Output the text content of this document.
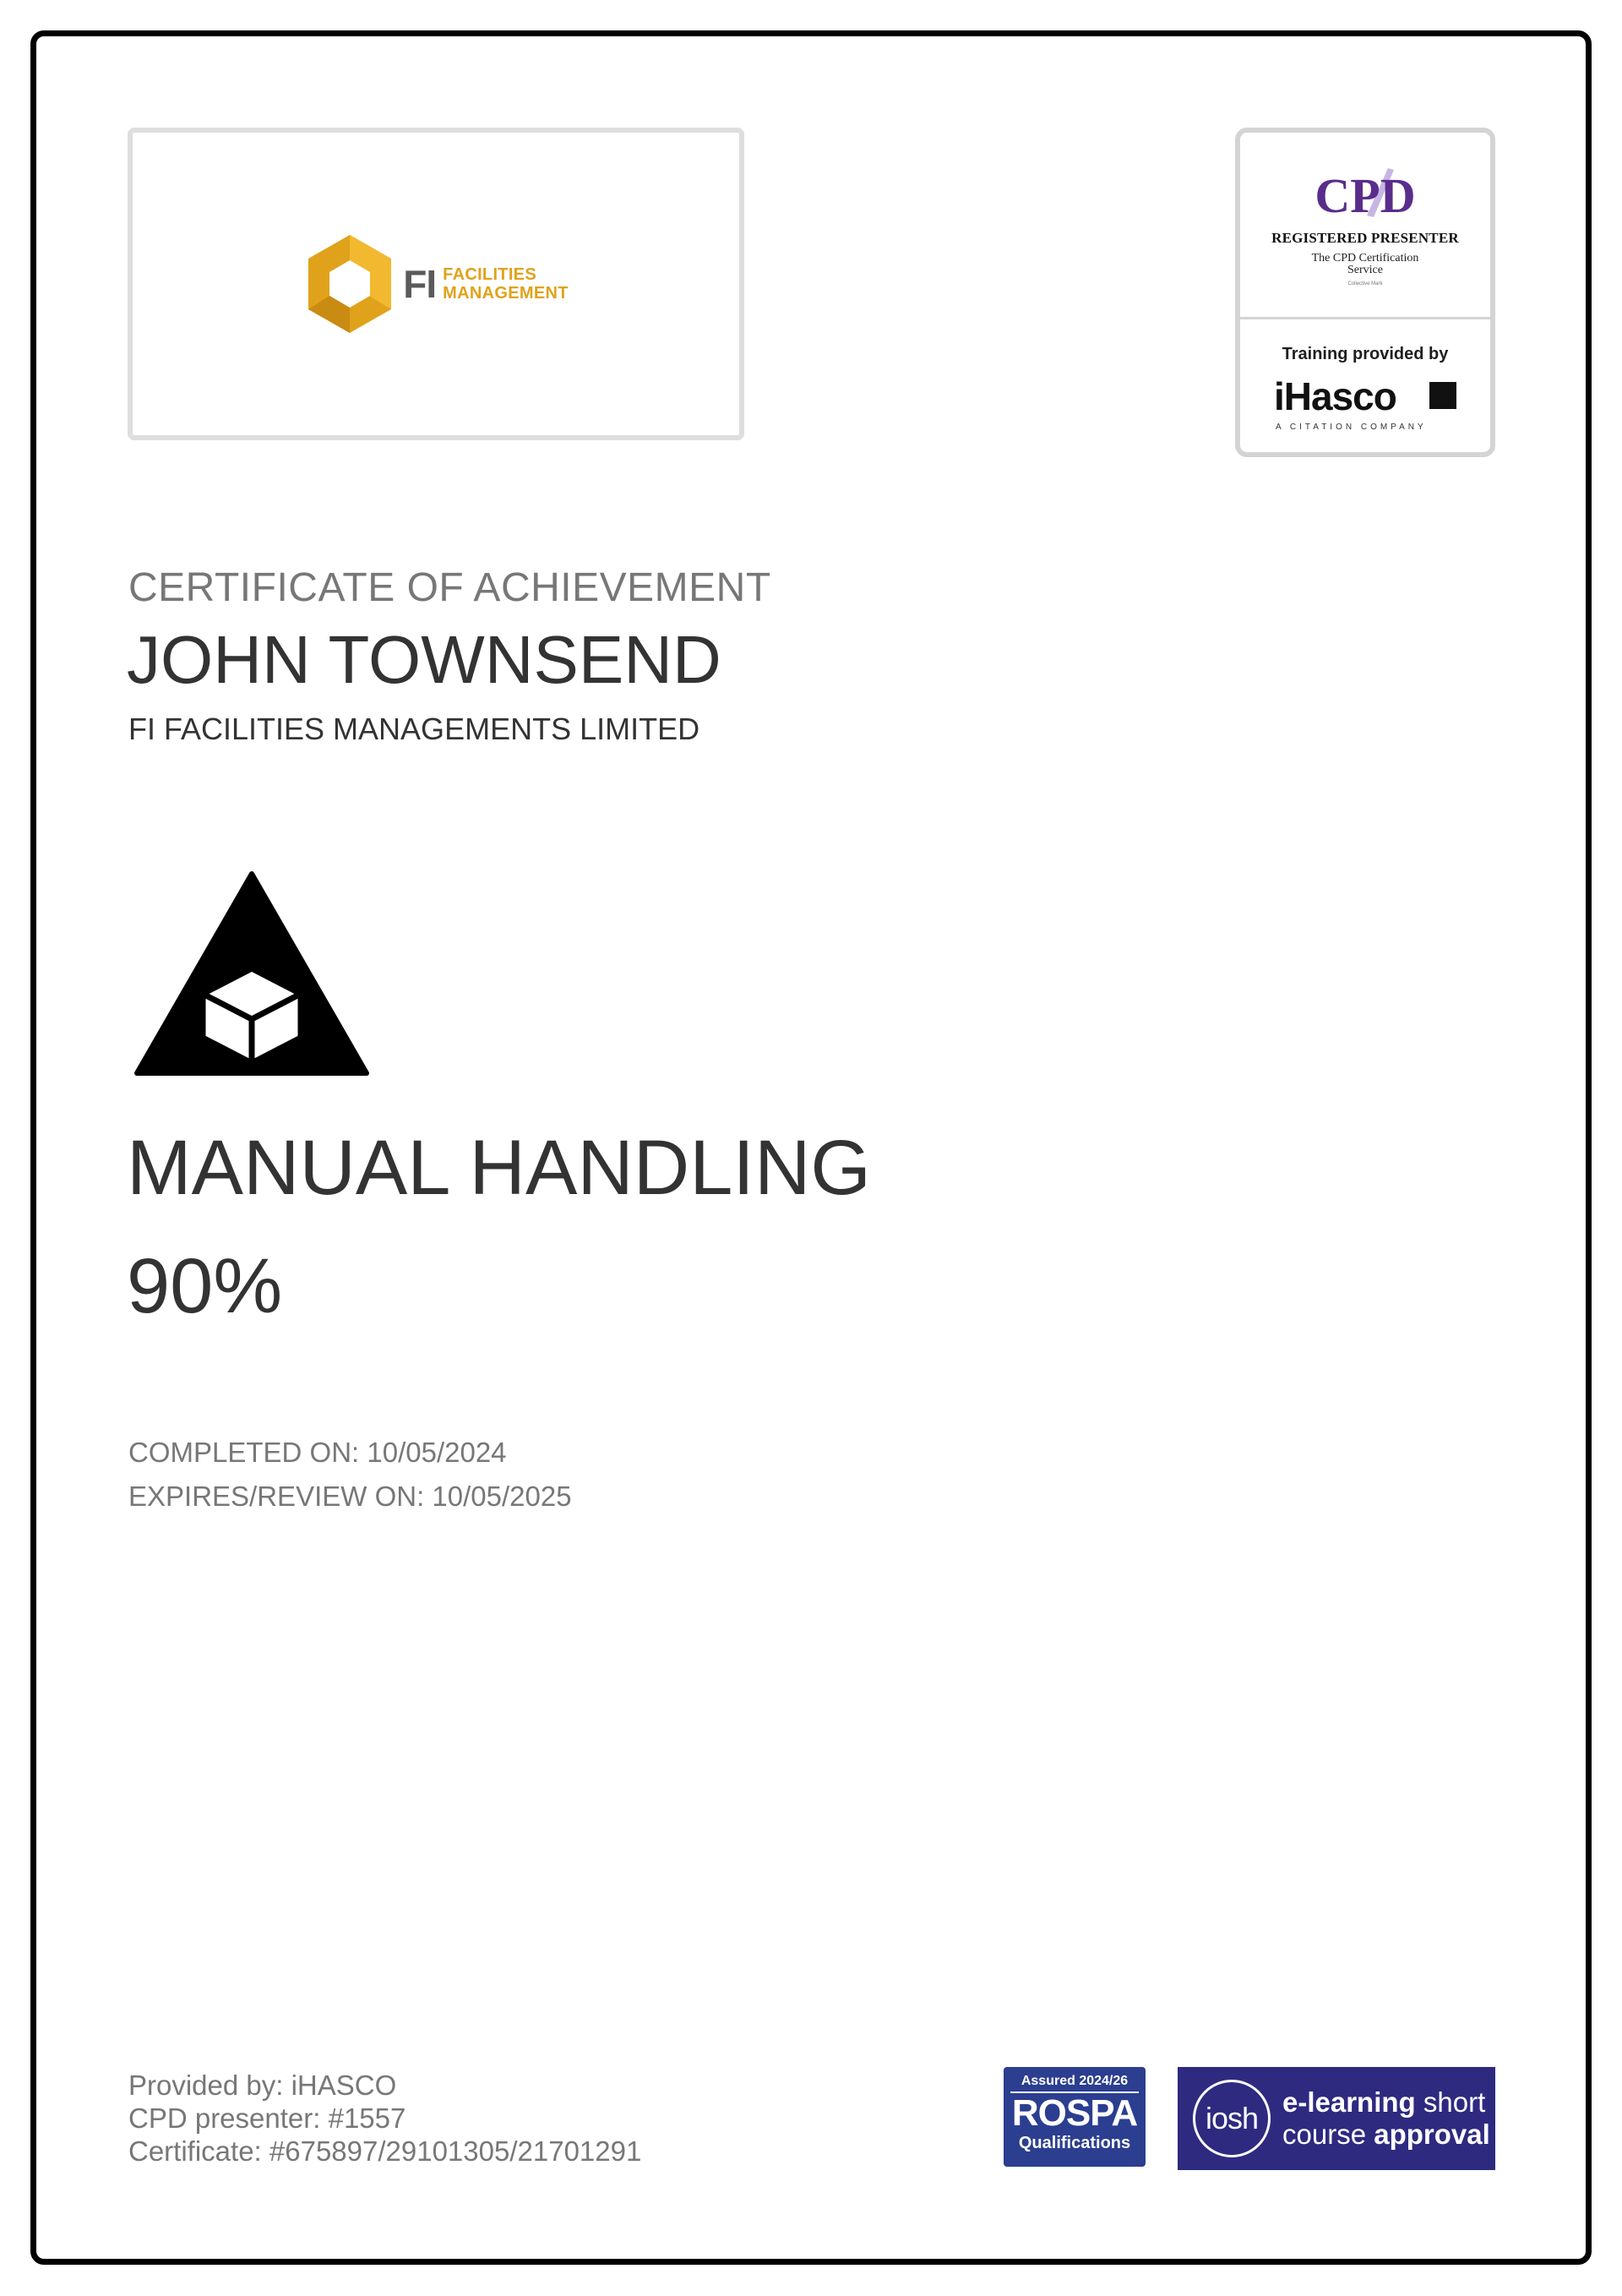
FI FACILITIES
MANAGEMENT
CPD
REGISTERED PRESENTER
The CPD Certification
Service
Collective Mark
Training provided by
iHasco
A CITATION COMPANY
CERTIFICATE OF ACHIEVEMENT
JOHN TOWNSEND
FI FACILITIES MANAGEMENTS LIMITED
MANUAL HANDLING
90%
COMPLETED ON: 10/05/2024
EXPIRES/REVIEW ON: 10/05/2025
Provided by: iHASCO
CPD presenter: #1557
Certificate: #675897/29101305/21701291
Assured 2024/26
ROSPA
Qualifications
iosh e-learning short
course approval
